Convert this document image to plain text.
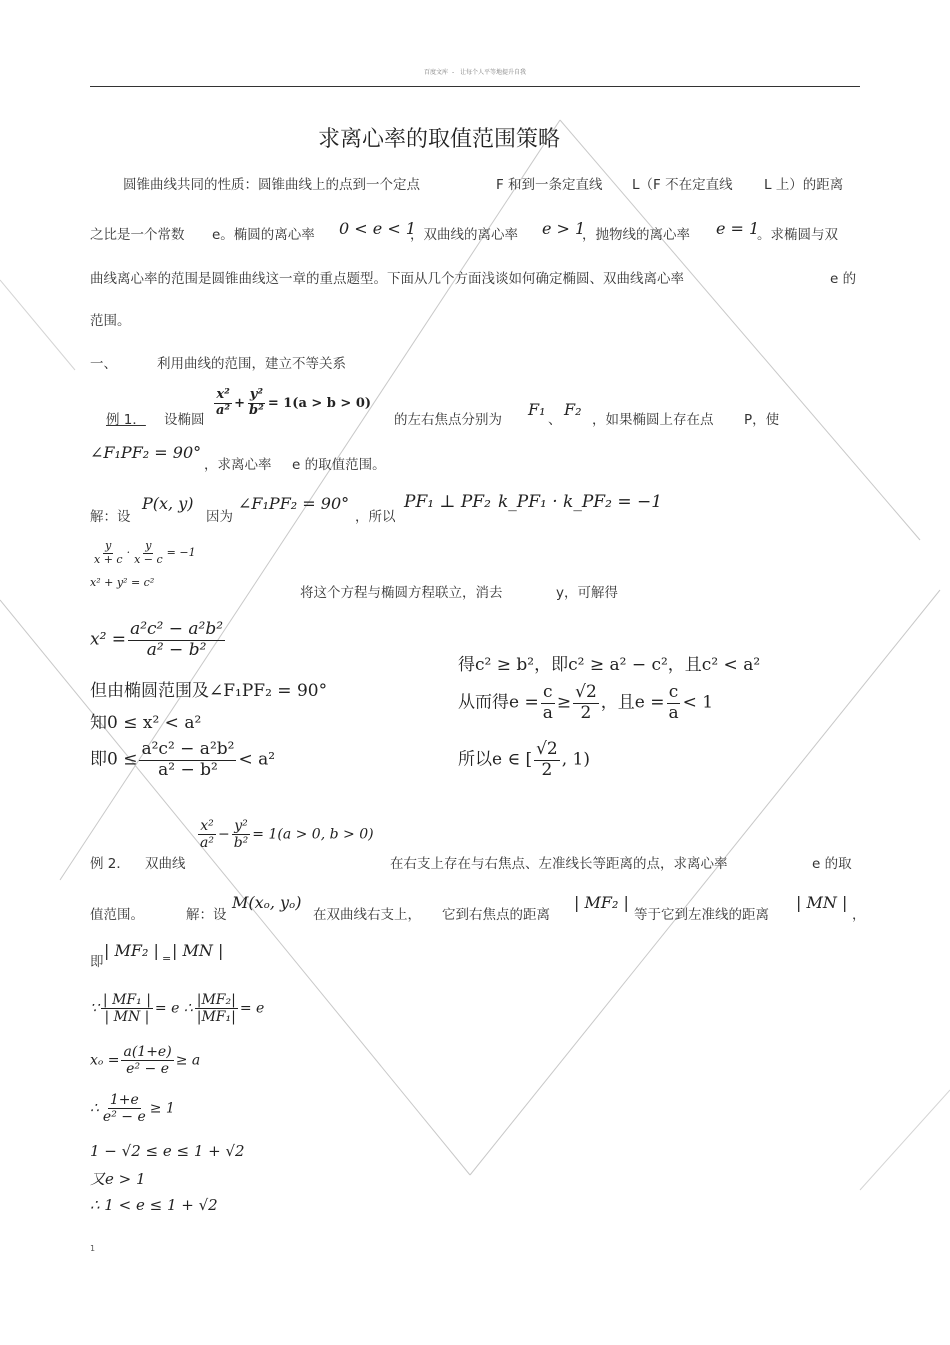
百度文库 - 让每个人平等地提升自我
求离心率的取值范围策略
圆锥曲线共同的性质：圆锥曲线上的点到一个定点	F 和到一条定直线 L（F 不在定直线 L 上）的距离
之比是一个常数 e。椭圆的离心率 0 < e < 1
，双曲线的离心率 e > 1
，抛物线的离心率 e = 1
。求椭圆与双
曲线离心率的范围是圆锥曲线这一章的重点题型。下面从几个方面浅谈如何确定椭圆、双曲线离心率	e 的
范围。
一、	利用曲线的范围，建立不等关系
例 1．	设椭圆
$\frac{\text{x²}}{\text{a²}} + \frac{\text{y²}}{\text{b²}} = 1(a > b > 0)$
的左右焦点分别为
F₁
、
F₂
，如果椭圆上存在点 P，使
∠F₁PF₂ = 90°
，求离心率 e 的取值范围。
解：设
P(x, y)
因为
∠F₁PF₂ = 90°
，所以
PF₁ ⊥ PF₂ k_PF₁ · k_PF₂ = −1
$\frac{y}{x + c} \cdot \frac{y}{x - c} = -1$
x² + y² = c²
将这个方程与椭圆方程联立，消去	y，可解得
$x^2 = \frac{\text{a²c² − a²b²}}{\text{a² − b²}}$
但由椭圆范围及∠F₁PF₂ = 90°
知0 ≤ x² < a²
即$0 \le \frac{\text{a²c² − a²b²}}{\text{a² − b²}} < a^2$
得c² ≥ b²，即c² ≥ a² − c²，且c² < a²
从而得$e = \frac{c}{a} \ge \frac{√2}{2}$ ，且$e = \frac{c}{a} < 1$
所以e ∈ [ $\frac{√2}{2}$ , 1)
例 2． 双曲线
$\frac{\text{x²}}{\text{a²}} - \frac{\text{y²}}{\text{b²}} = 1(a > 0$, b > 0)
在右支上存在与右焦点、左准线长等距离的点，求离心率	e 的取
值范围。	解：设
M(xₒ, yₒ)
在双曲线右支上， 它到右焦点的距离
| MF₂ |
等于它到左准线的距离
| MN |
，
即
| MF₂ | = | MN |
∵ $\frac{\text{| MF₁ |}}{| MN |} = e$ ∴ $\frac{\text{|MF₂|}}{\text{|MF₁|}} = e$
$x_o = \frac{a(1+e)}{\text{e² − e}} \ge a$
∴ $\frac{1+e}{\text{e² − e}} \ge 1$
1 − √2 ≤ e ≤ 1 + √2
又e > 1
∴ 1 < e ≤ 1 + √2
1
